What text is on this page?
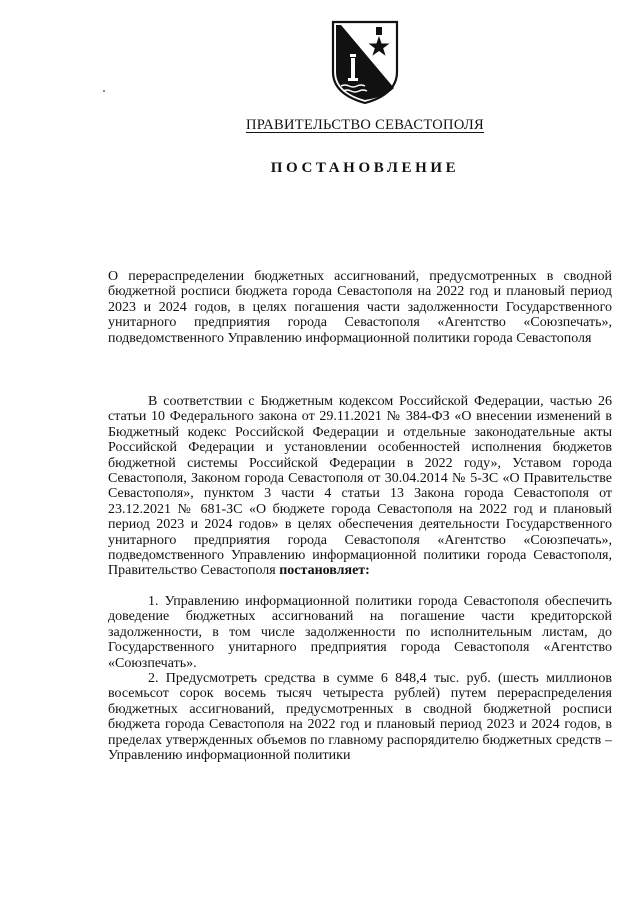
ПРАВИТЕЛЬСТВО СЕВАСТОПОЛЯ
ПОСТАНОВЛЕНИЕ
О перераспределении бюджетных ассигнований, предусмотренных в сводной бюджетной росписи бюджета города Севастополя на 2022 год и плановый период 2023 и 2024 годов, в целях погашения части задолженности Государственного унитарного предприятия города Севастополя «Агентство «Союзпечать», подведомственного Управлению информационной политики города Севастополя

В соответствии с Бюджетным кодексом Российской Федерации, частью 26 статьи 10 Федерального закона от 29.11.2021 № 384-ФЗ «О внесении изменений в Бюджетный кодекс Российской Федерации и отдельные законодательные акты Российской Федерации и установлении особенностей исполнения бюджетов бюджетной системы Российской Федерации в 2022 году», Уставом города Севастополя, Законом города Севастополя от 30.04.2014 № 5-ЗС «О Правительстве Севастополя», пунктом 3 части 4 статьи 13 Закона города Севастополя от 23.12.2021 № 681-ЗС «О бюджете города Севастополя на 2022 год и плановый период 2023 и 2024 годов» в целях обеспечения деятельности Государственного унитарного предприятия города Севастополя «Агентство «Союзпечать», подведомственного Управлению информационной политики города Севастополя, Правительство Севастополя постановляет:

1. Управлению информационной политики города Севастополя обеспечить доведение бюджетных ассигнований на погашение части кредиторской задолженности, в том числе задолженности по исполнительным листам, до Государственного унитарного предприятия города Севастополя «Агентство «Союзпечать».

2. Предусмотреть средства в сумме 6 848,4 тыс. руб. (шесть миллионов восемьсот сорок восемь тысяч четыреста рублей) путем перераспределения бюджетных ассигнований, предусмотренных в сводной бюджетной росписи бюджета города Севастополя на 2022 год и плановый период 2023 и 2024 годов, в пределах утвержденных объемов по главному распорядителю бюджетных средств – Управлению информационной политики
